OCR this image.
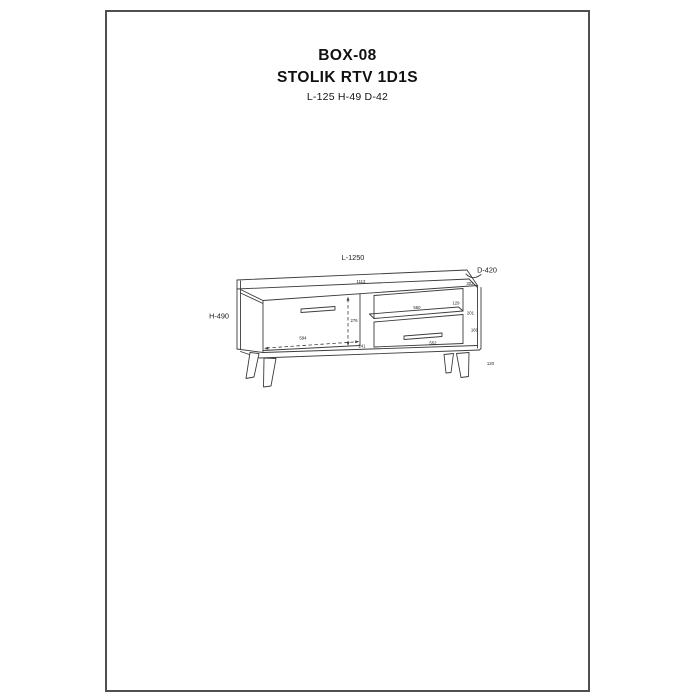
BOX-08
STOLIK RTV 1D1S
L-125 H-49 D-42
L-1250
D-420
H-490
1113	302
129
560
201
276
594
241
552
160
120
